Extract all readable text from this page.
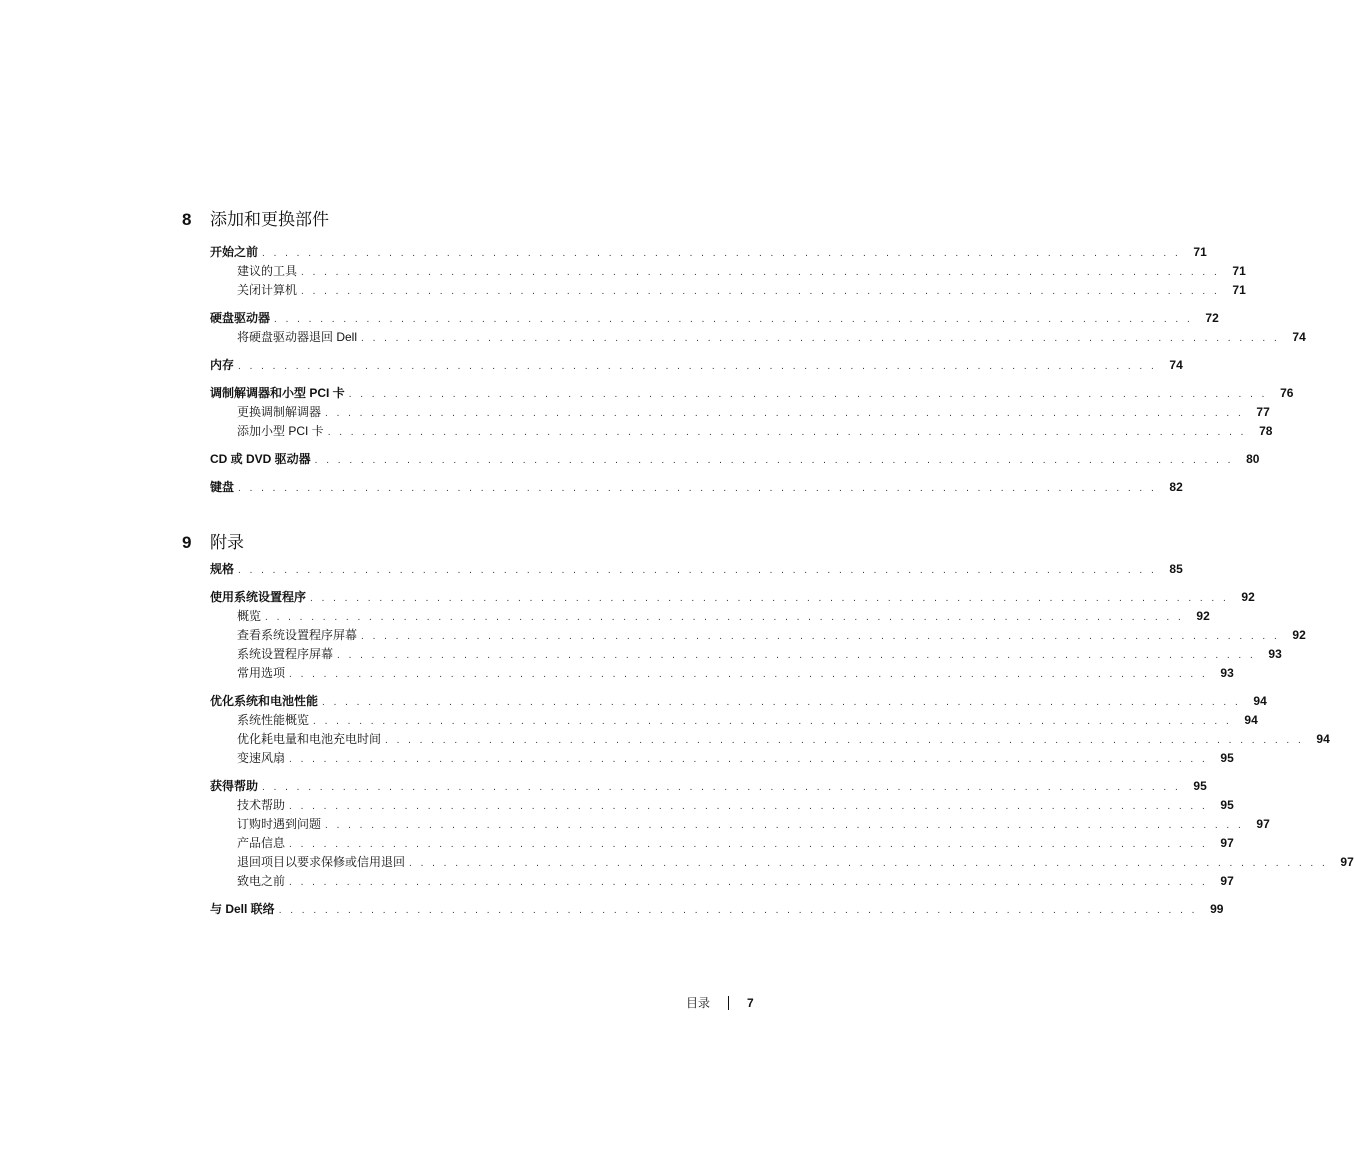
8	添加和更换部件
开始之前 . . . . . . . . . . . . . . . . . . . . . . . . . . . . . . . . . . . . . . . . . . . . . . . . . . . . . . . . . . . . . . . . . . . . . . . . . . . . . . . .	71
建议的工具 . . . . . . . . . . . . . . . . . . . . . . . . . . . . . . . . . . . . . . . . . . . . . . . . . . . . . . . . . . . . . . . . . . . . . . . . . . . . . . . .	71
关闭计算机 . . . . . . . . . . . . . . . . . . . . . . . . . . . . . . . . . . . . . . . . . . . . . . . . . . . . . . . . . . . . . . . . . . . . . . . . . . . . . . . .	71
硬盘驱动器 . . . . . . . . . . . . . . . . . . . . . . . . . . . . . . . . . . . . . . . . . . . . . . . . . . . . . . . . . . . . . . . . . . . . . . . . . . . . . . . .	72
将硬盘驱动器退回 Dell . . . . . . . . . . . . . . . . . . . . . . . . . . . . . . . . . . . . . . . . . . . . . . . . . . . . . . . . . . . . . . . . . . . . . . . . . . . . . . . .	74
内存 . . . . . . . . . . . . . . . . . . . . . . . . . . . . . . . . . . . . . . . . . . . . . . . . . . . . . . . . . . . . . . . . . . . . . . . . . . . . . . . .	74
调制解调器和小型 PCI 卡 . . . . . . . . . . . . . . . . . . . . . . . . . . . . . . . . . . . . . . . . . . . . . . . . . . . . . . . . . . . . . . . . . . . . . . . . . . . . . . . .	76
更换调制解调器 . . . . . . . . . . . . . . . . . . . . . . . . . . . . . . . . . . . . . . . . . . . . . . . . . . . . . . . . . . . . . . . . . . . . . . . . . . . . . . . .	77
添加小型 PCI 卡 . . . . . . . . . . . . . . . . . . . . . . . . . . . . . . . . . . . . . . . . . . . . . . . . . . . . . . . . . . . . . . . . . . . . . . . . . . . . . . . .	78
CD 或 DVD 驱动器 . . . . . . . . . . . . . . . . . . . . . . . . . . . . . . . . . . . . . . . . . . . . . . . . . . . . . . . . . . . . . . . . . . . . . . . . . . . . . . . .	80
键盘 . . . . . . . . . . . . . . . . . . . . . . . . . . . . . . . . . . . . . . . . . . . . . . . . . . . . . . . . . . . . . . . . . . . . . . . . . . . . . . . .	82
9	附录
规格 . . . . . . . . . . . . . . . . . . . . . . . . . . . . . . . . . . . . . . . . . . . . . . . . . . . . . . . . . . . . . . . . . . . . . . . . . . . . . . . .	85
使用系统设置程序 . . . . . . . . . . . . . . . . . . . . . . . . . . . . . . . . . . . . . . . . . . . . . . . . . . . . . . . . . . . . . . . . . . . . . . . . . . . . . . . .	92
概览 . . . . . . . . . . . . . . . . . . . . . . . . . . . . . . . . . . . . . . . . . . . . . . . . . . . . . . . . . . . . . . . . . . . . . . . . . . . . . . . .	92
查看系统设置程序屏幕 . . . . . . . . . . . . . . . . . . . . . . . . . . . . . . . . . . . . . . . . . . . . . . . . . . . . . . . . . . . . . . . . . . . . . . . . . . . . . . . .	92
系统设置程序屏幕 . . . . . . . . . . . . . . . . . . . . . . . . . . . . . . . . . . . . . . . . . . . . . . . . . . . . . . . . . . . . . . . . . . . . . . . . . . . . . . . .	93
常用选项 . . . . . . . . . . . . . . . . . . . . . . . . . . . . . . . . . . . . . . . . . . . . . . . . . . . . . . . . . . . . . . . . . . . . . . . . . . . . . . . .	93
优化系统和电池性能 . . . . . . . . . . . . . . . . . . . . . . . . . . . . . . . . . . . . . . . . . . . . . . . . . . . . . . . . . . . . . . . . . . . . . . . . . . . . . . . .	94
系统性能概览 . . . . . . . . . . . . . . . . . . . . . . . . . . . . . . . . . . . . . . . . . . . . . . . . . . . . . . . . . . . . . . . . . . . . . . . . . . . . . . . .	94
优化耗电量和电池充电时间 . . . . . . . . . . . . . . . . . . . . . . . . . . . . . . . . . . . . . . . . . . . . . . . . . . . . . . . . . . . . . . . . . . . . . . . . . . . . . . . .	94
变速风扇 . . . . . . . . . . . . . . . . . . . . . . . . . . . . . . . . . . . . . . . . . . . . . . . . . . . . . . . . . . . . . . . . . . . . . . . . . . . . . . . .	95
获得帮助 . . . . . . . . . . . . . . . . . . . . . . . . . . . . . . . . . . . . . . . . . . . . . . . . . . . . . . . . . . . . . . . . . . . . . . . . . . . . . . . .	95
技术帮助 . . . . . . . . . . . . . . . . . . . . . . . . . . . . . . . . . . . . . . . . . . . . . . . . . . . . . . . . . . . . . . . . . . . . . . . . . . . . . . . .	95
订购时遇到问题 . . . . . . . . . . . . . . . . . . . . . . . . . . . . . . . . . . . . . . . . . . . . . . . . . . . . . . . . . . . . . . . . . . . . . . . . . . . . . . . .	97
产品信息 . . . . . . . . . . . . . . . . . . . . . . . . . . . . . . . . . . . . . . . . . . . . . . . . . . . . . . . . . . . . . . . . . . . . . . . . . . . . . . . .	97
退回项目以要求保修或信用退回 . . . . . . . . . . . . . . . . . . . . . . . . . . . . . . . . . . . . . . . . . . . . . . . . . . . . . . . . . . . . . . . . . . . . . . . . . . . . . . . .	97
致电之前 . . . . . . . . . . . . . . . . . . . . . . . . . . . . . . . . . . . . . . . . . . . . . . . . . . . . . . . . . . . . . . . . . . . . . . . . . . . . . . . .	97
与 Dell 联络 . . . . . . . . . . . . . . . . . . . . . . . . . . . . . . . . . . . . . . . . . . . . . . . . . . . . . . . . . . . . . . . . . . . . . . . . . . . . . . . .	99
目录	7
